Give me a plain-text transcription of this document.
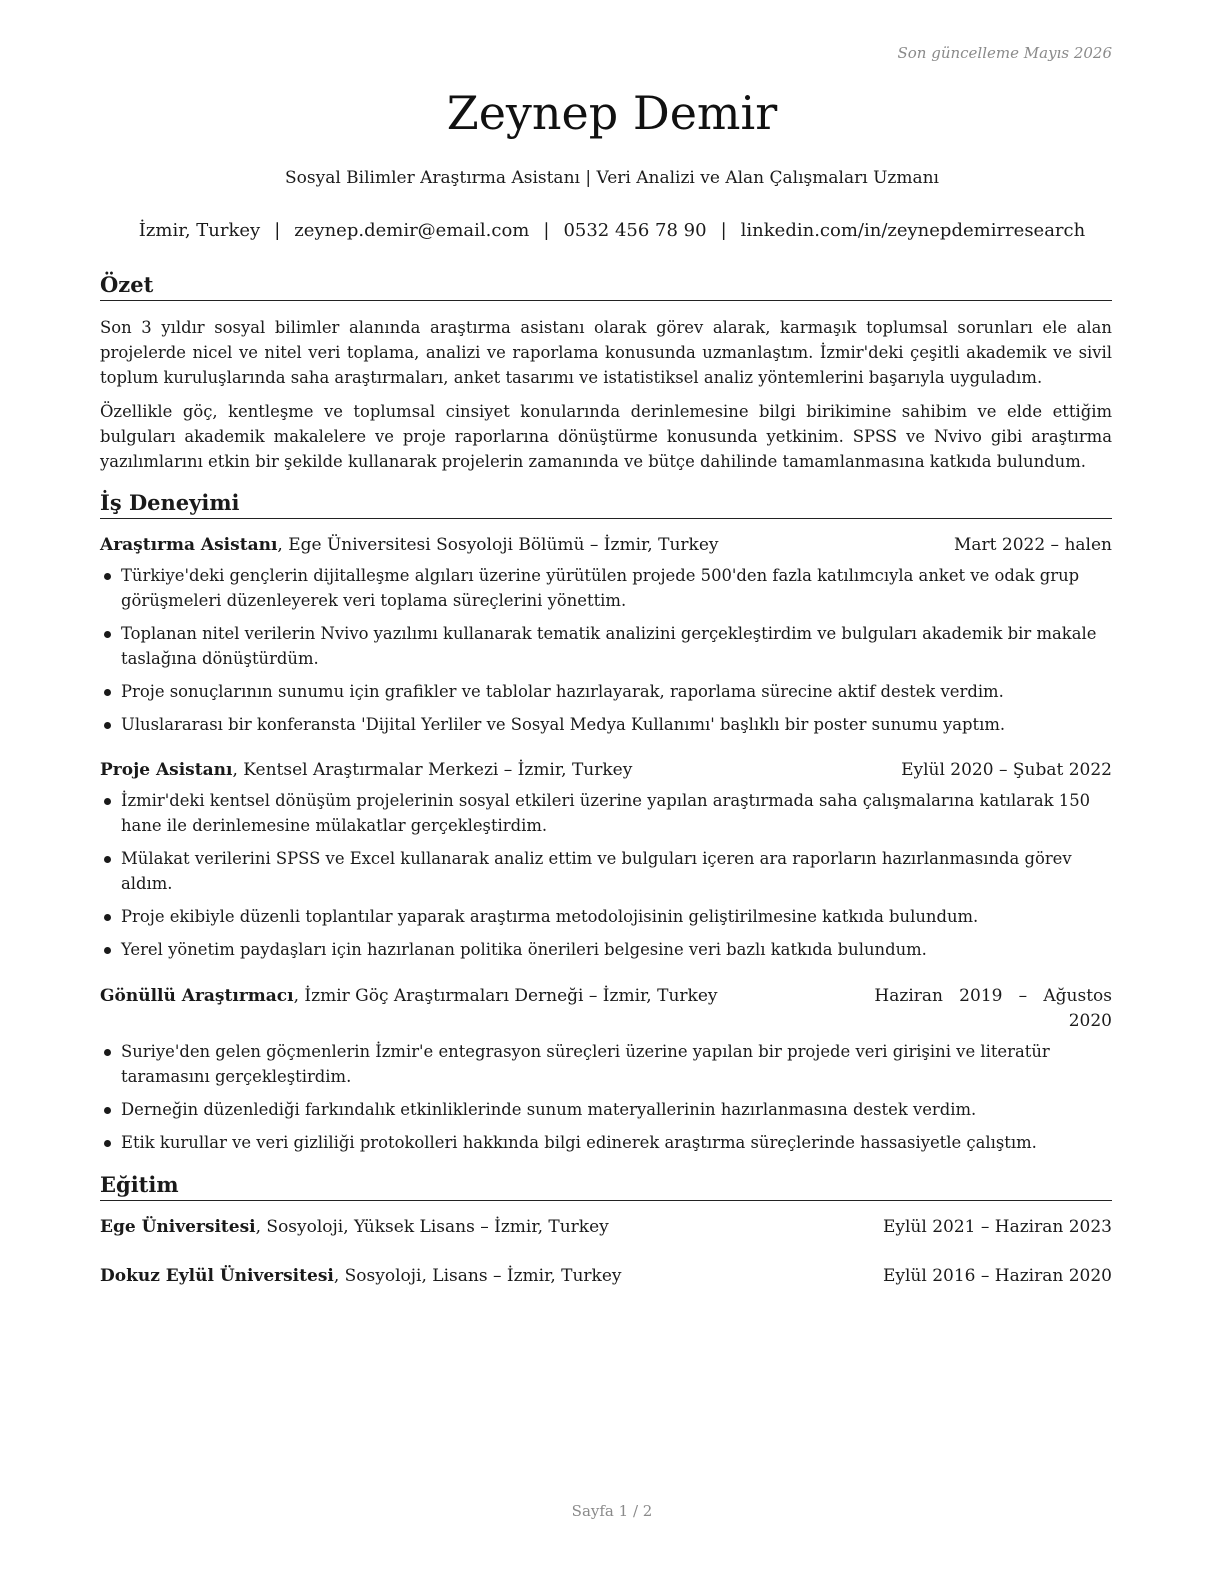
Son güncelleme Mayıs 2026
Zeynep Demir
Sosyal Bilimler Araştırma Asistanı | Veri Analizi ve Alan Çalışmaları Uzmanı
İzmir, Turkey | zeynep.demir@email.com | 0532 456 78 90 | linkedin.com/in/zeynepdemirresearch
Özet

Son 3 yıldır sosyal bilimler alanında araştırma asistanı olarak görev alarak, karmaşık toplumsal sorunları ele alan projelerde nicel ve nitel veri toplama, analizi ve raporlama konusunda uzmanlaştım. İzmir'deki çeşitli akademik ve sivil toplum kuruluşlarında saha araştırmaları, anket tasarımı ve istatistiksel analiz yöntemlerini başarıyla uyguladım.

Özellikle göç, kentleşme ve toplumsal cinsiyet konularında derinlemesine bilgi birikimine sahibim ve elde ettiğim bulguları akademik makalelere ve proje raporlarına dönüştürme konusunda yetkinim. SPSS ve Nvivo gibi araştırma yazılımlarını etkin bir şekilde kullanarak projelerin zamanında ve bütçe dahilinde tamamlanmasına katkıda bulundum.

İş Deneyimi
Araştırma Asistanı, Ege Üniversitesi Sosyoloji Bölümü – İzmir, Turkey	Mart 2022 – halen
Türkiye'deki gençlerin dijitalleşme algıları üzerine yürütülen projede 500'den fazla katılımcıyla anket ve odak grup görüşmeleri düzenleyerek veri toplama süreçlerini yönettim.
Toplanan nitel verilerin Nvivo yazılımı kullanarak tematik analizini gerçekleştirdim ve bulguları akademik bir makale taslağına dönüştürdüm.
Proje sonuçlarının sunumu için grafikler ve tablolar hazırlayarak, raporlama sürecine aktif destek verdim.
Uluslararası bir konferansta 'Dijital Yerliler ve Sosyal Medya Kullanımı' başlıklı bir poster sunumu yaptım.
Proje Asistanı, Kentsel Araştırmalar Merkezi – İzmir, Turkey	Eylül 2020 – Şubat 2022
İzmir'deki kentsel dönüşüm projelerinin sosyal etkileri üzerine yapılan araştırmada saha çalışmalarına katılarak 150 hane ile derinlemesine mülakatlar gerçekleştirdim.
Mülakat verilerini SPSS ve Excel kullanarak analiz ettim ve bulguları içeren ara raporların hazırlanmasında görev aldım.
Proje ekibiyle düzenli toplantılar yaparak araştırma metodolojisinin geliştirilmesine katkıda bulundum.
Yerel yönetim paydaşları için hazırlanan politika önerileri belgesine veri bazlı katkıda bulundum.
Gönüllü Araştırmacı, İzmir Göç Araştırmaları Derneği – İzmir, Turkey	Haziran   2019   –   Ağustos
2020
Suriye'den gelen göçmenlerin İzmir'e entegrasyon süreçleri üzerine yapılan bir projede veri girişini ve literatür taramasını gerçekleştirdim.
Derneğin düzenlediği farkındalık etkinliklerinde sunum materyallerinin hazırlanmasına destek verdim.
Etik kurullar ve veri gizliliği protokolleri hakkında bilgi edinerek araştırma süreçlerinde hassasiyetle çalıştım.
Eğitim
Ege Üniversitesi, Sosyoloji, Yüksek Lisans – İzmir, Turkey	Eylül 2021 – Haziran 2023
Dokuz Eylül Üniversitesi, Sosyoloji, Lisans – İzmir, Turkey	Eylül 2016 – Haziran 2020
Sayfa 1 / 2
